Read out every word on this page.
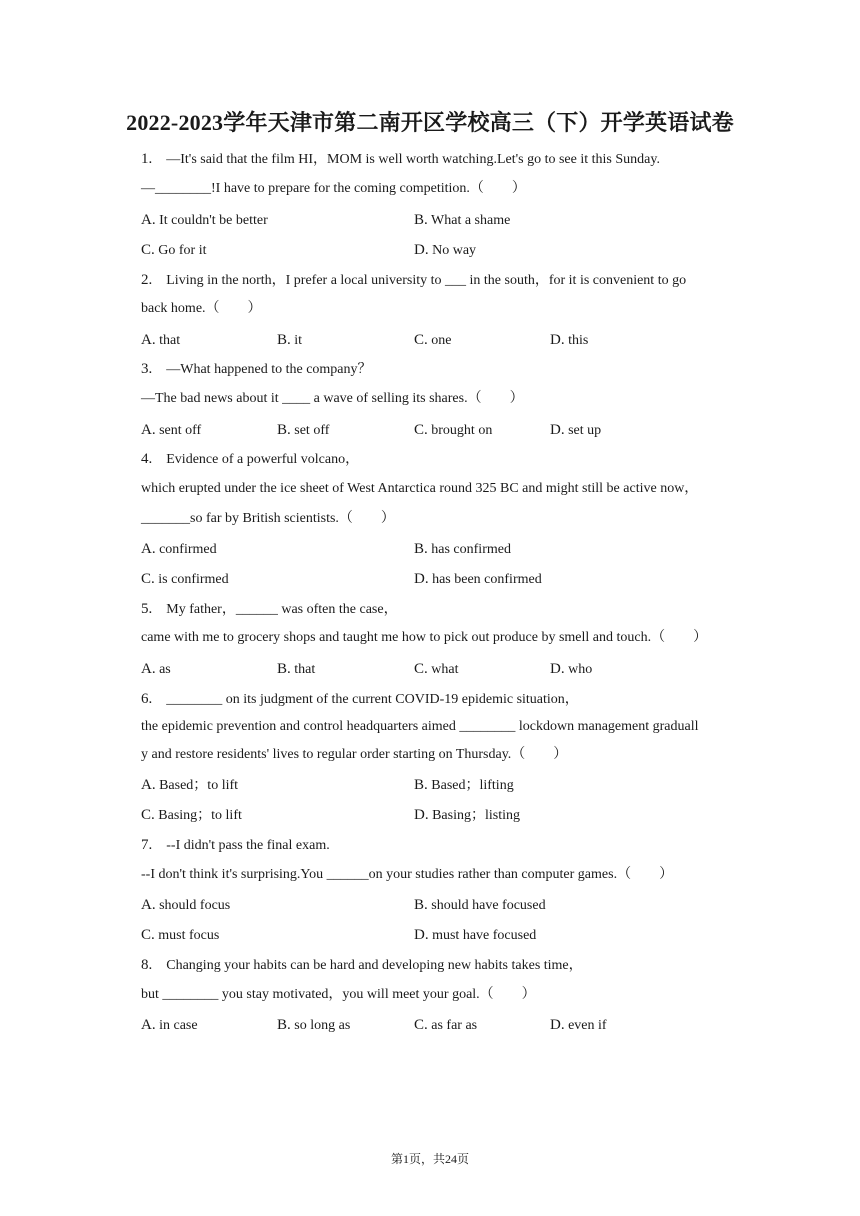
2022-2023学年天津市第二南开区学校高三（下）开学英语试卷
1. —It's said that the film HI，MOM is well worth watching.Let's go to see it this Sunday.
—________!I have to prepare for the coming competition.（　　）
A. It couldn't be better	B. What a shame
C. Go for it	D. No way
2. Living in the north，I prefer a local university to ___ in the south，for it is convenient to go
back home.（　　）
A. that	B. it	C. one	D. this
3. —What happened to the company？
—The bad news about it ____ a wave of selling its shares.（　　）
A. sent off	B. set off	C. brought on	D. set up
4. Evidence of a powerful volcano，
which erupted under the ice sheet of West Antarctica round 325 BC and might still be active now，
_______so far by British scientists.（　　）
A. confirmed	B. has confirmed
C. is confirmed	D. has been confirmed
5. My father，______ was often the case，
came with me to grocery shops and taught me how to pick out produce by smell and touch.（　　）
A. as	B. that	C. what	D. who
6. ________ on its judgment of the current COVID-19 epidemic situation，
the epidemic prevention and control headquarters aimed ________ lockdown management graduall
y and restore residents' lives to regular order starting on Thursday.（　　）
A. Based；to lift	B. Based；lifting
C. Basing；to lift	D. Basing；listing
7. --I didn't pass the final exam.
--I don't think it's surprising.You ______on your studies rather than computer games.（　　）
A. should focus	B. should have focused
C. must focus	D. must have focused
8. Changing your habits can be hard and developing new habits takes time，
but ________ you stay motivated，you will meet your goal.（　　）
A. in case	B. so long as	C. as far as	D. even if
第1页，共24页
